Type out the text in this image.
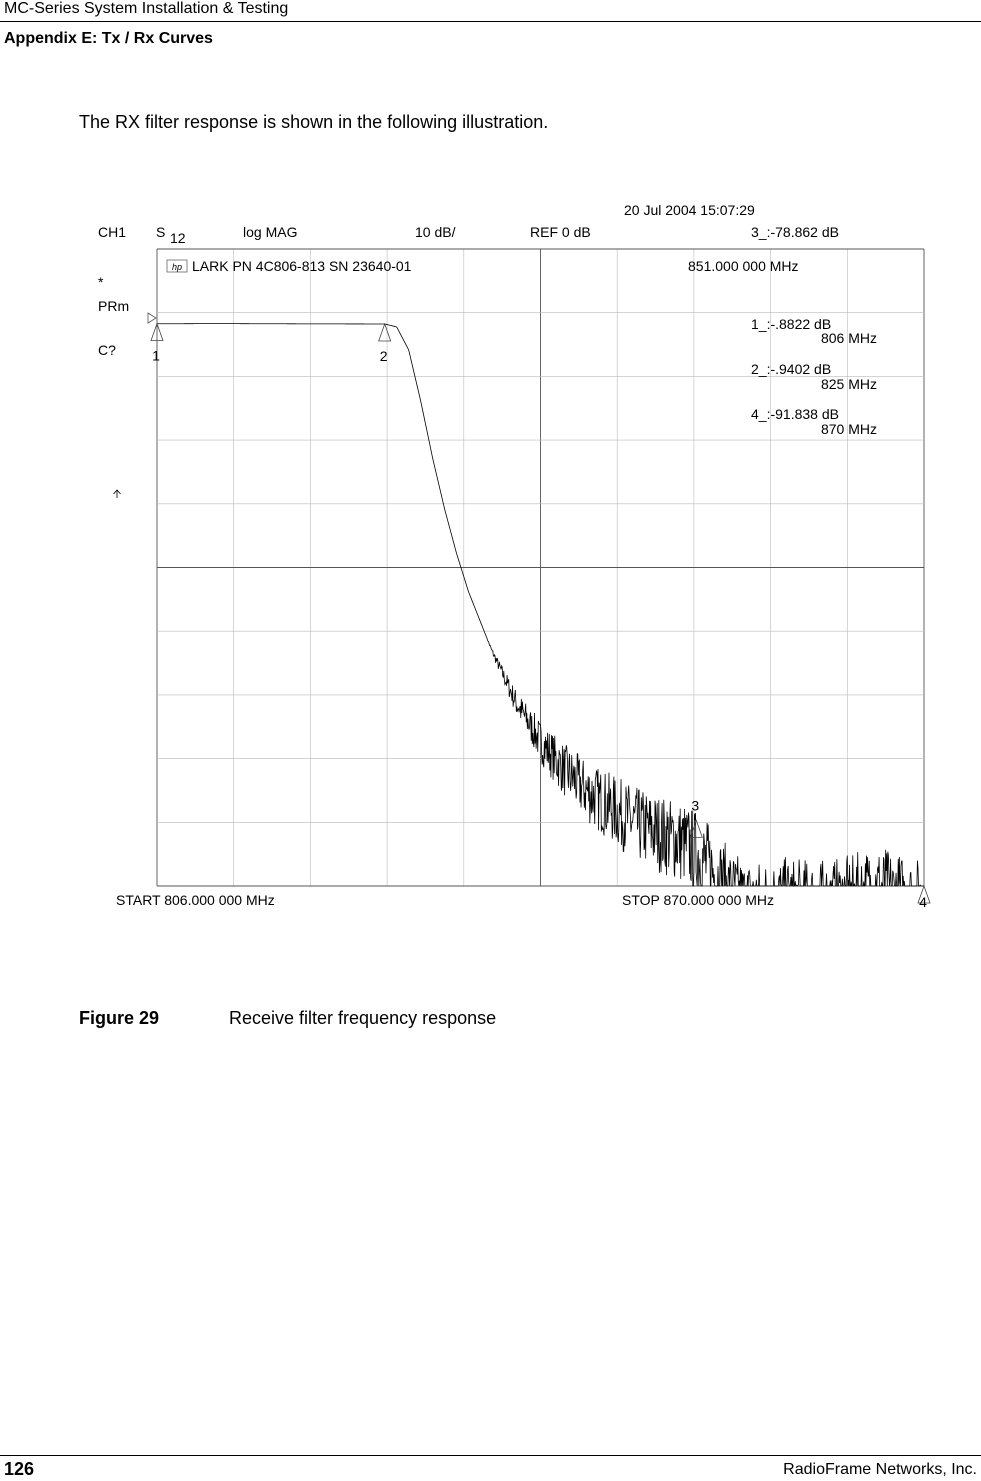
MC-Series System Installation & Testing
Appendix E: Tx / Rx Curves
The RX filter response is shown in the following illustration.
20 Jul 2004 15:07:29
CH1 S 12	log MAG	10 dB/	REF 0 dB	3_:-78.862 dB
*
PRm
C?
hp LARK PN 4C806-813 SN 23640-01	851.000 000 MHz
1_:-.8822 dB
806 MHz
2_:-.9402 dB
825 MHz
4_:-91.838 dB
870 MHz
1	2
3
4
START 806.000 000 MHz	STOP 870.000 000 MHz
Figure 29	Receive filter frequency response
126	RadioFrame Networks, Inc.
